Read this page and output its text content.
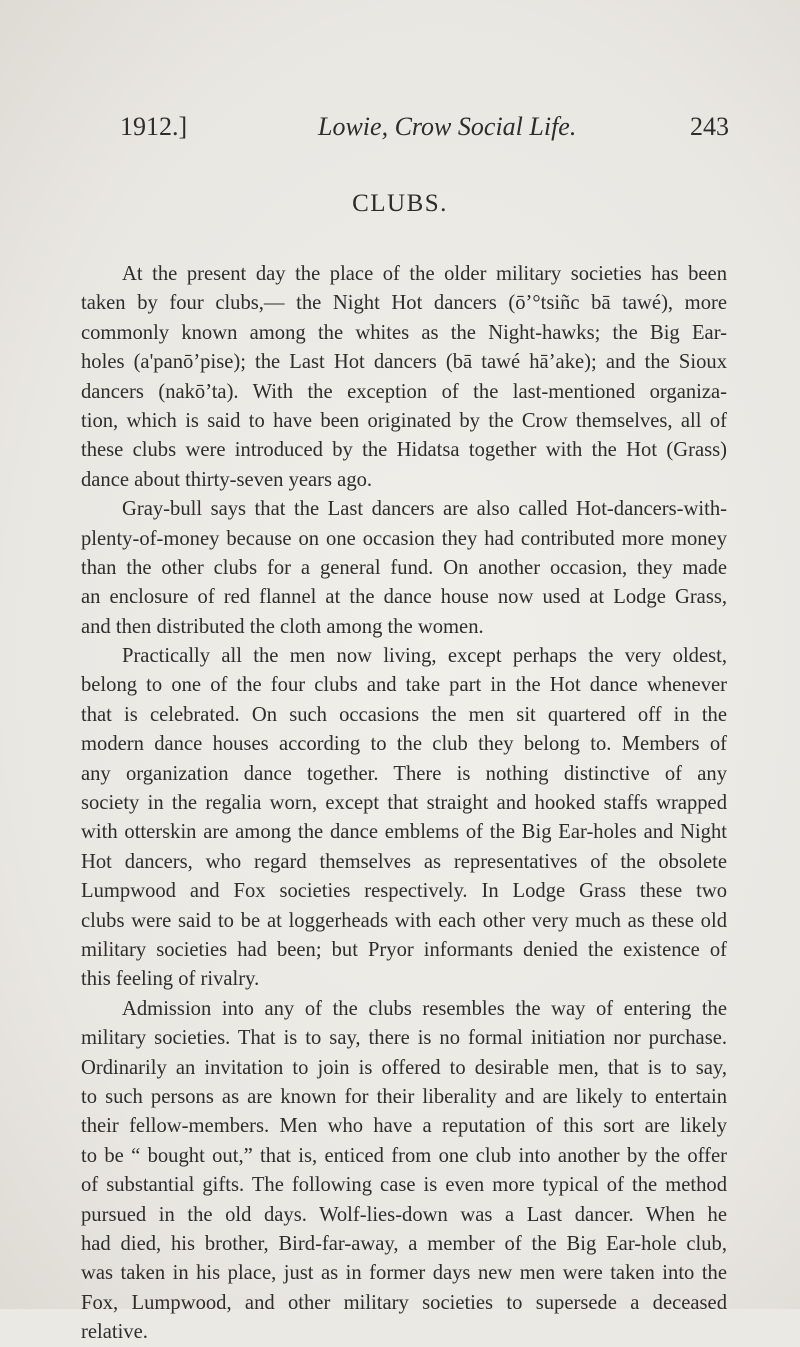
1912.]	Lowie, Crow Social Life.	243
CLUBS.
At the present day the place of the older military societies has been
taken by four clubs,— the Night Hot dancers (ō’°tsiñc bā tawé), more
commonly known among the whites as the Night-hawks; the Big Ear-
holes (a'panō’pise); the Last Hot dancers (bā tawé hā’ake); and the Sioux
dancers (nakō’ta). With the exception of the last-mentioned organiza-
tion, which is said to have been originated by the Crow themselves, all of
these clubs were introduced by the Hidatsa together with the Hot (Grass)
dance about thirty-seven years ago.
Gray-bull says that the Last dancers are also called Hot-dancers-with-
plenty-of-money because on one occasion they had contributed more money
than the other clubs for a general fund. On another occasion, they made
an enclosure of red flannel at the dance house now used at Lodge Grass,
and then distributed the cloth among the women.
Practically all the men now living, except perhaps the very oldest,
belong to one of the four clubs and take part in the Hot dance whenever
that is celebrated. On such occasions the men sit quartered off in the
modern dance houses according to the club they belong to. Members of
any organization dance together. There is nothing distinctive of any
society in the regalia worn, except that straight and hooked staffs wrapped
with otterskin are among the dance emblems of the Big Ear-holes and Night
Hot dancers, who regard themselves as representatives of the obsolete
Lumpwood and Fox societies respectively. In Lodge Grass these two
clubs were said to be at loggerheads with each other very much as these old
military societies had been; but Pryor informants denied the existence of
this feeling of rivalry.
Admission into any of the clubs resembles the way of entering the
military societies. That is to say, there is no formal initiation nor purchase.
Ordinarily an invitation to join is offered to desirable men, that is to say,
to such persons as are known for their liberality and are likely to entertain
their fellow-members. Men who have a reputation of this sort are likely
to be “ bought out,” that is, enticed from one club into another by the offer
of substantial gifts. The following case is even more typical of the method
pursued in the old days. Wolf-lies-down was a Last dancer. When he
had died, his brother, Bird-far-away, a member of the Big Ear-hole club,
was taken in his place, just as in former days new men were taken into the
Fox, Lumpwood, and other military societies to supersede a deceased
relative.
